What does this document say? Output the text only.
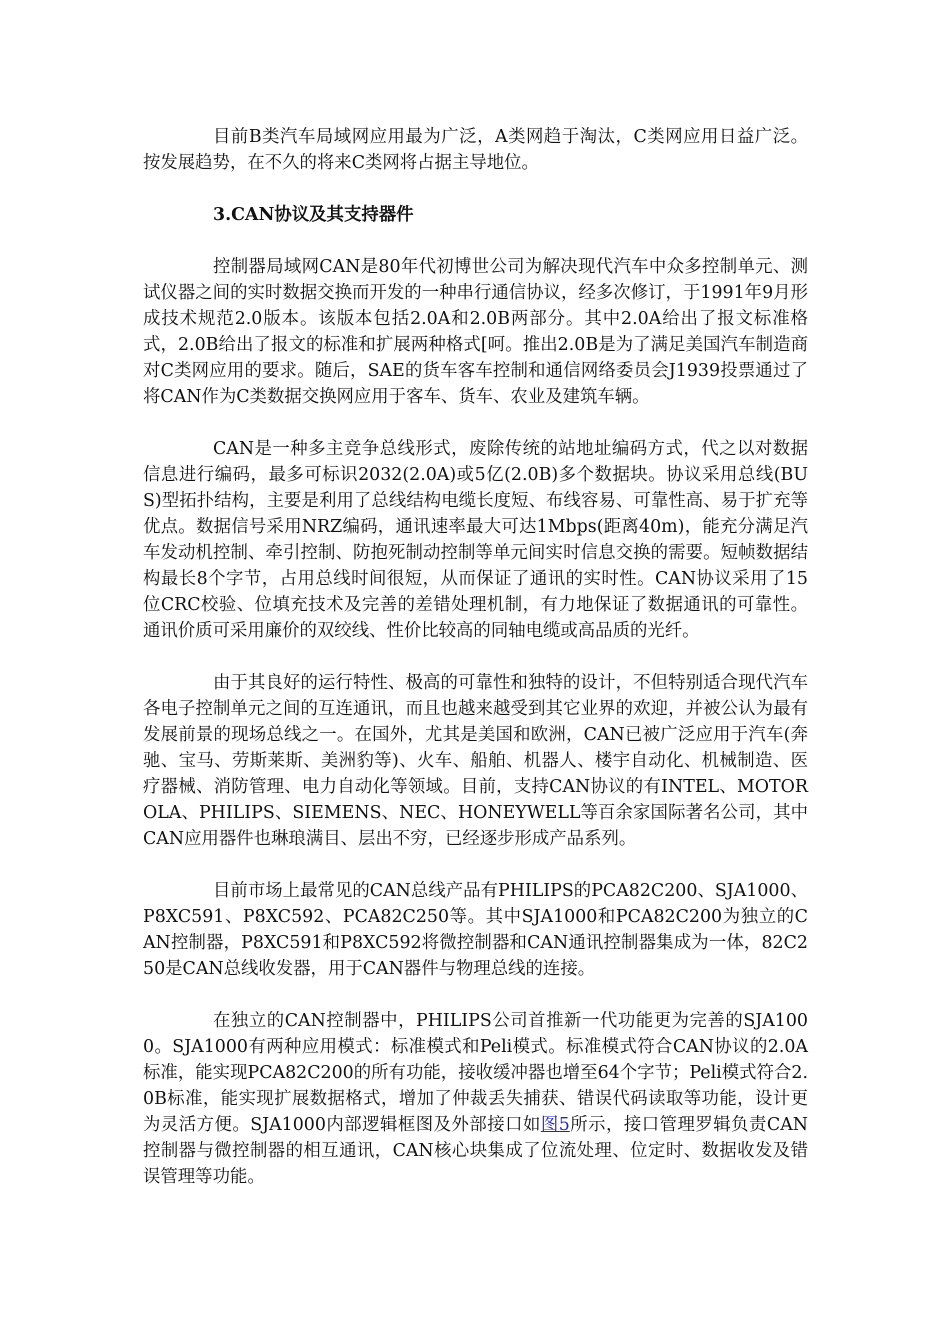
目前B类汽车局域网应用最为广泛，A类网趋于淘汰，C类网应用日益广泛。按发展趋势，在不久的将来C类网将占据主导地位。

3.CAN协议及其支持器件

控制器局域网CAN是80年代初博世公司为解决现代汽车中众多控制单元、测试仪器之间的实时数据交换而开发的一种串行通信协议，经多次修订，于1991年9月形成技术规范2.0版本。该版本包括2.0A和2.0B两部分。其中2.0A给出了报文标准格式，2.0B给出了报文的标准和扩展两种格式[呵。推出2.0B是为了满足美国汽车制造商对C类网应用的要求。随后，SAE的货车客车控制和通信网络委员会J1939投票通过了将CAN作为C类数据交换网应用于客车、货车、农业及建筑车辆。

CAN是一种多主竞争总线形式，废除传统的站地址编码方式，代之以对数据信息进行编码，最多可标识2032(2.0A)或5亿(2.0B)多个数据块。协议采用总线(BUS)型拓扑结构，主要是利用了总线结构电缆长度短、布线容易、可靠性高、易于扩充等优点。数据信号采用NRZ编码，通讯速率最大可达1Mbps(距离40m)，能充分满足汽车发动机控制、牵引控制、防抱死制动控制等单元间实时信息交换的需要。短帧数据结构最长8个字节，占用总线时间很短，从而保证了通讯的实时性。CAN协议采用了15位CRC校验、位填充技术及完善的差错处理机制，有力地保证了数据通讯的可靠性。通讯价质可采用廉价的双绞线、性价比较高的同轴电缆或高品质的光纤。

由于其良好的运行特性、极高的可靠性和独特的设计，不但特别适合现代汽车各电子控制单元之间的互连通讯，而且也越来越受到其它业界的欢迎，并被公认为最有发展前景的现场总线之一。在国外，尤其是美国和欧洲，CAN已被广泛应用于汽车(奔驰、宝马、劳斯莱斯、美洲豹等)、火车、船舶、机器人、楼宇自动化、机械制造、医疗器械、消防管理、电力自动化等领域。目前，支持CAN协议的有INTEL、MOTOROLA、PHILIPS、SIEMENS、NEC、HONEYWELL等百余家国际著名公司，其中CAN应用器件也琳琅满目、层出不穷，已经逐步形成产品系列。

目前市场上最常见的CAN总线产品有PHILIPS的PCA82C200、SJA1000、P8XC591、P8XC592、PCA82C250等。其中SJA1000和PCA82C200为独立的CAN控制器，P8XC591和P8XC592将微控制器和CAN通讯控制器集成为一体，82C250是CAN总线收发器，用于CAN器件与物理总线的连接。

在独立的CAN控制器中，PHILIPS公司首推新一代功能更为完善的SJA1000。SJA1000有两种应用模式：标准模式和Peli模式。标准模式符合CAN协议的2.0A标准，能实现PCA82C200的所有功能，接收缓冲器也增至64个字节；Peli模式符合2.0B标准，能实现扩展数据格式，增加了仲裁丢失捕获、错误代码读取等功能，设计更为灵活方便。SJA1000内部逻辑框图及外部接口如图5所示，接口管理罗辑负责CAN控制器与微控制器的相互通讯，CAN核心块集成了位流处理、位定时、数据收发及错误管理等功能。
